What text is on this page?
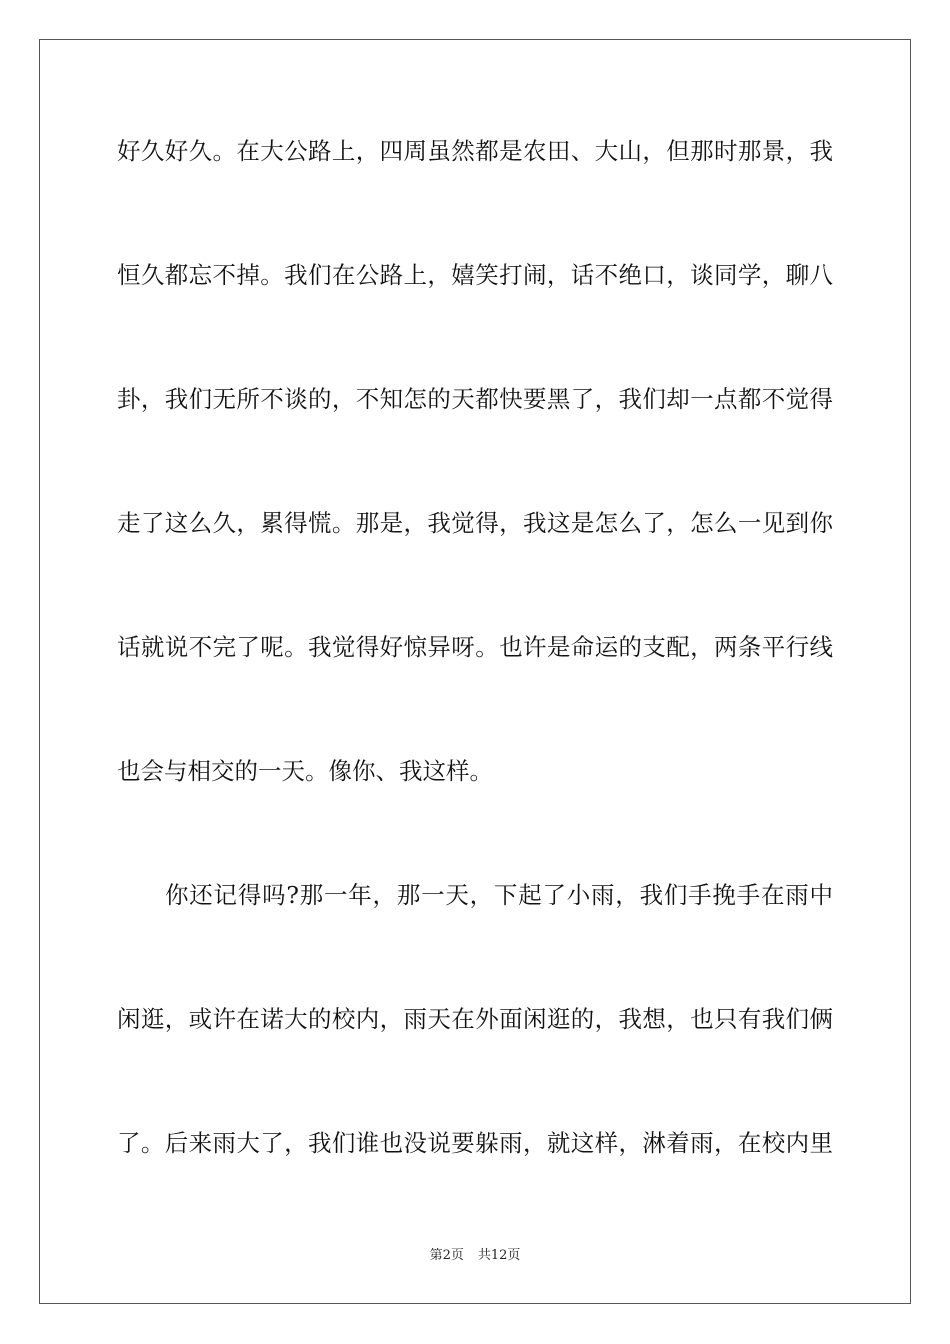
好久好久。在大公路上，四周虽然都是农田、大山，但那时那景，我
恒久都忘不掉。我们在公路上，嬉笑打闹，话不绝口，谈同学，聊八
卦，我们无所不谈的，不知怎的天都快要黑了，我们却一点都不觉得
走了这么久，累得慌。那是，我觉得，我这是怎么了，怎么一见到你
话就说不完了呢。我觉得好惊异呀。也许是命运的支配，两条平行线
也会与相交的一天。像你、我这样。
你还记得吗?那一年，那一天，下起了小雨，我们手挽手在雨中
闲逛，或许在诺大的校内，雨天在外面闲逛的，我想，也只有我们俩
了。后来雨大了，我们谁也没说要躲雨，就这样，淋着雨，在校内里
第2页 共12页
